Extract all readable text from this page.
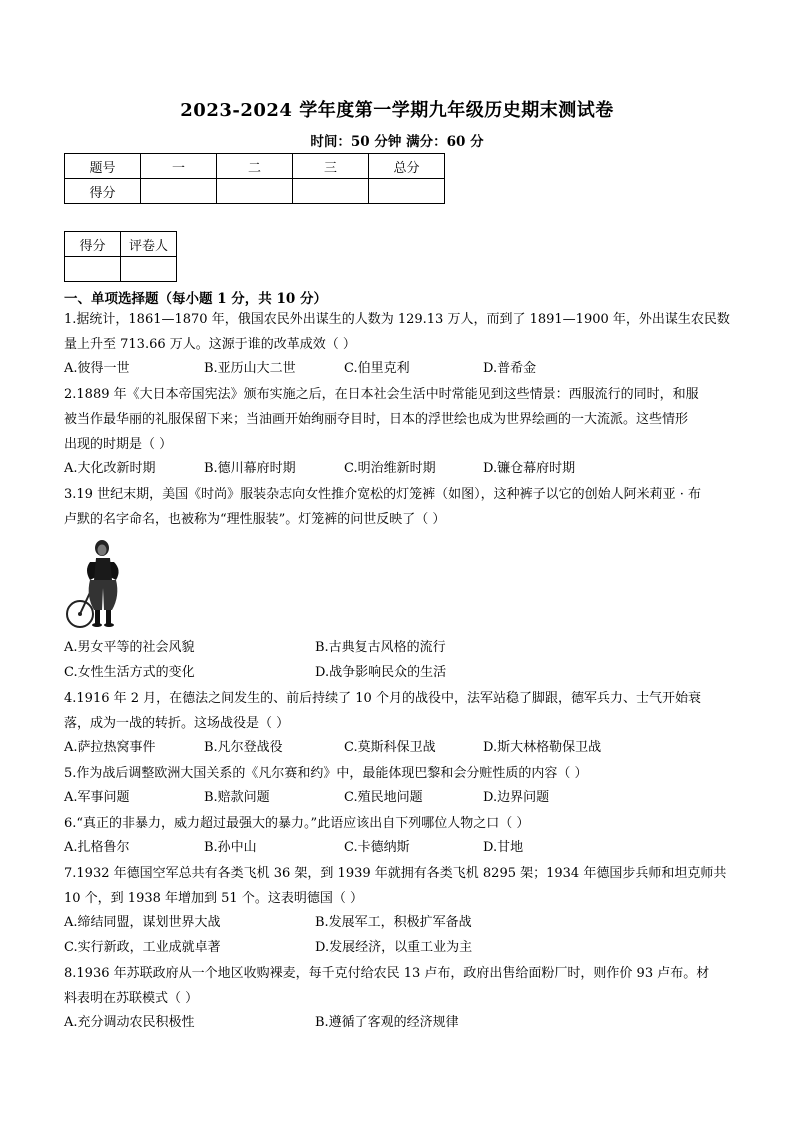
2023-2024 学年度第一学期九年级历史期末测试卷
时间：50 分钟 满分：60 分
题号	一	二	三	总分
得分				
得分	评卷人

一、单项选择题（每小题 1 分，共 10 分）
1.据统计，1861—1870 年，俄国农民外出谋生的人数为 129.13 万人，而到了 1891—1900 年，外出谋生农民数
量上升至 713.66 万人。这源于谁的改革成效（ ）
A.彼得一世	B.亚历山大二世	C.伯里克利	D.普希金
2.1889 年《大日本帝国宪法》颁布实施之后，在日本社会生活中时常能见到这些情景：西服流行的同时，和服
被当作最华丽的礼服保留下来；当油画开始绚丽夺目时，日本的浮世绘也成为世界绘画的一大流派。这些情形
出现的时期是（ ）
A.大化改新时期	B.德川幕府时期	C.明治维新时期	D.镰仓幕府时期
3.19 世纪末期，美国《时尚》服装杂志向女性推介宽松的灯笼裤（如图），这种裤子以它的创始人阿米莉亚 · 布
卢默的名字命名，也被称为“理性服装”。灯笼裤的问世反映了（ ）
A.男女平等的社会风貌	B.古典复古风格的流行
C.女性生活方式的变化	D.战争影响民众的生活
4.1916 年 2 月，在德法之间发生的、前后持续了 10 个月的战役中，法军站稳了脚跟，德军兵力、士气开始衰
落，成为一战的转折。这场战役是（ ）
A.萨拉热窝事件	B.凡尔登战役	C.莫斯科保卫战	D.斯大林格勒保卫战
5.作为战后调整欧洲大国关系的《凡尔赛和约》中，最能体现巴黎和会分赃性质的内容（ ）
A.军事问题	B.赔款问题	C.殖民地问题	D.边界问题
6.“真正的非暴力，威力超过最强大的暴力。”此语应该出自下列哪位人物之口（ ）
A.扎格鲁尔	B.孙中山	C.卡德纳斯	D.甘地
7.1932 年德国空军总共有各类飞机 36 架，到 1939 年就拥有各类飞机 8295 架；1934 年德国步兵师和坦克师共
10 个，到 1938 年增加到 51 个。这表明德国（ ）
A.缔结同盟，谋划世界大战	B.发展军工，积极扩军备战
C.实行新政，工业成就卓著	D.发展经济，以重工业为主
8.1936 年苏联政府从一个地区收购裸麦，每千克付给农民 13 卢布，政府出售给面粉厂时，则作价 93 卢布。材
料表明在苏联模式（ ）
A.充分调动农民积极性	B.遵循了客观的经济规律
